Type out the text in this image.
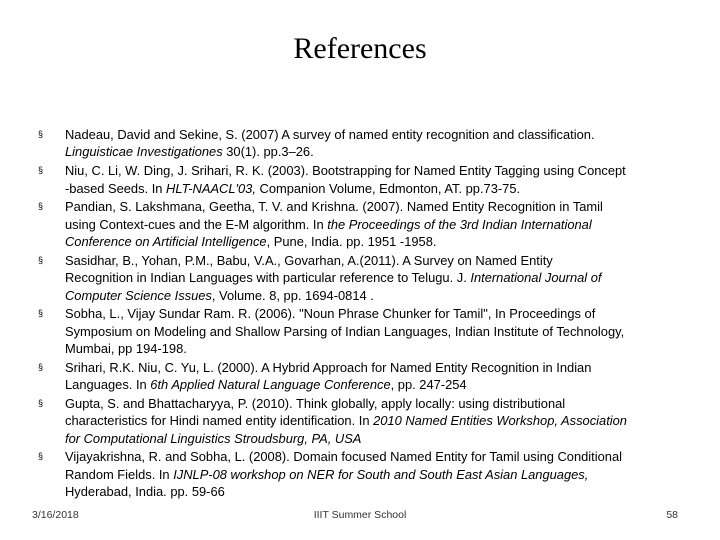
References
§ Nadeau, David and Sekine, S. (2007) A survey of named entity recognition and classification.
Linguisticae Investigationes 30(1). pp.3–26.
§ Niu, C. Li, W. Ding, J. Srihari, R. K. (2003). Bootstrapping for Named Entity Tagging using Concept
-based Seeds. In HLT-NAACL'03, Companion Volume, Edmonton, AT. pp.73-75.
§ Pandian, S. Lakshmana, Geetha, T. V. and Krishna. (2007). Named Entity Recognition in Tamil
using Context-cues and the E-M algorithm. In the Proceedings of the 3rd Indian International
Conference on Artificial Intelligence, Pune, India. pp. 1951 -1958.
§ Sasidhar, B., Yohan, P.M., Babu, V.A., Govarhan, A.(2011). A Survey on Named Entity
Recognition in Indian Languages with particular reference to Telugu. J. International Journal of
Computer Science Issues, Volume. 8, pp. 1694-0814 .
§ Sobha, L., Vijay Sundar Ram. R. (2006). "Noun Phrase Chunker for Tamil", In Proceedings of
Symposium on Modeling and Shallow Parsing of Indian Languages, Indian Institute of Technology,
Mumbai, pp 194-198.
§ Srihari, R.K. Niu, C. Yu, L. (2000). A Hybrid Approach for Named Entity Recognition in Indian
Languages. In 6th Applied Natural Language Conference, pp. 247-254
§ Gupta, S. and Bhattacharyya, P. (2010). Think globally, apply locally: using distributional
characteristics for Hindi named entity identification. In 2010 Named Entities Workshop, Association
for Computational Linguistics Stroudsburg, PA, USA
§ Vijayakrishna, R. and Sobha, L. (2008). Domain focused Named Entity for Tamil using Conditional
Random Fields. In IJNLP-08 workshop on NER for South and South East Asian Languages,
Hyderabad, India. pp. 59-66
3/16/2018	IIIT Summer School	58
